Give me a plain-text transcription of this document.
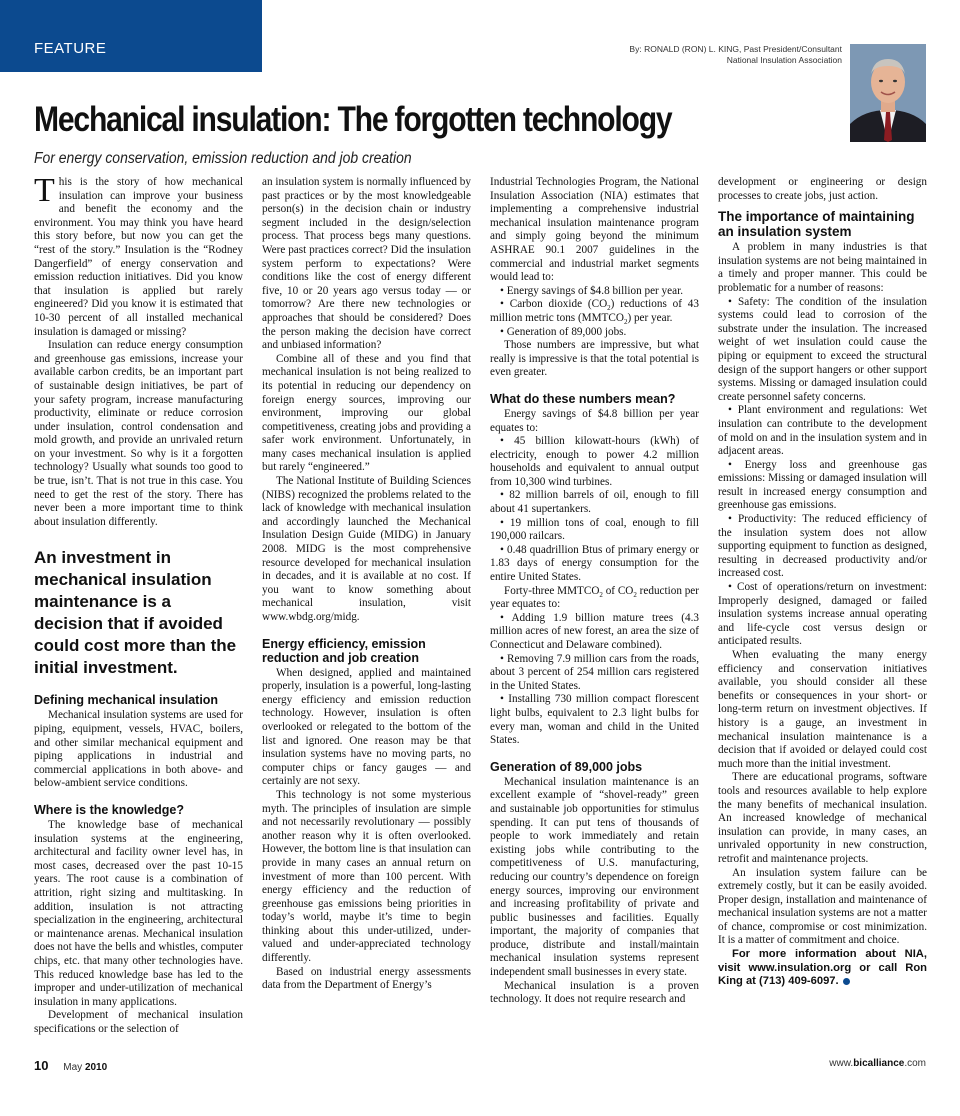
FEATURE	By: RONALD (RON) L. KING, Past President/Consultant
National Insulation Association
Mechanical insulation: The forgotten technology
For energy conservation, emission reduction and job creation

This is the story of how mechanical insulation can improve your business and benefit the economy and the environment. You may think you have heard this story before, but now you can get the “rest of the story.” Insulation is the “Rodney Dangerfield” of energy conservation and emission reduction initiatives. Did you know that insulation is applied but rarely engineered? Did you know it is estimated that 10-30 percent of all installed mechanical insulation is damaged or missing?

Insulation can reduce energy consumption and greenhouse gas emissions, increase your available carbon credits, be an important part of sustainable design initiatives, be part of your safety program, increase manufacturing productivity, eliminate or reduce corrosion under insulation, control condensation and mold growth, and provide an unrivaled return on your investment. So why is it a forgotten technology? Usually what sounds too good to be true, isn’t. That is not true in this case. You need to get the rest of the story. There has never been a more important time to think about insulation differently.

An investment in mechanical insulation maintenance is a decision that if avoided could cost more than the initial investment.
Defining mechanical insulation

Mechanical insulation systems are used for piping, equipment, vessels, HVAC, boilers, and other similar mechanical equipment and piping applications in industrial and commercial applications in both above- and below-ambient service conditions.

Where is the knowledge?

The knowledge base of mechanical insulation systems at the engineering, architectural and facility owner level has, in most cases, decreased over the past 10-15 years. The root cause is a combination of attrition, right sizing and multitasking. In addition, insulation is not attracting specialization in the engineering, architectural or maintenance arenas. Mechanical insulation does not have the bells and whistles, computer chips, etc. that many other technologies have. This reduced knowledge base has led to the improper and under-utilization of mechanical insulation in many applications.

Development of mechanical insulation specifications or the selection of

an insulation system is normally influenced by past practices or by the most knowledgeable person(s) in the decision chain or industry segment included in the design/selection process. That process begs many questions. Were past practices correct? Did the insulation system perform to expectations? Were conditions like the cost of energy different five, 10 or 20 years ago versus today — or tomorrow? Are there new technologies or approaches that should be considered? Does the person making the decision have correct and unbiased information?

Combine all of these and you find that mechanical insulation is not being realized to its potential in reducing our dependency on foreign energy sources, improving our environment, improving our global competitiveness, creating jobs and providing a safer work environment. Unfortunately, in many cases mechanical insulation is applied but rarely “engineered.”

The National Institute of Building Sciences (NIBS) recognized the problems related to the lack of knowledge with mechanical insulation and accordingly launched the Mechanical Insulation Design Guide (MIDG) in January 2008. MIDG is the most comprehensive resource developed for mechanical insulation in decades, and it is available at no cost. If you want to know something about mechanical insulation, visit www.wbdg.org/midg.

Energy efficiency, emission reduction and job creation

When designed, applied and maintained properly, insulation is a powerful, long-lasting energy efficiency and emission reduction technology. However, insulation is often overlooked or relegated to the bottom of the list and ignored. One reason may be that insulation systems have no moving parts, no computer chips or fancy gauges — and certainly are not sexy.

This technology is not some mysterious myth. The principles of insulation are simple and not necessarily revolutionary — possibly another reason why it is often overlooked. However, the bottom line is that insulation can provide in many cases an annual return on investment of more than 100 percent. With energy efficiency and the reduction of greenhouse gas emissions being priorities in today’s world, maybe it’s time to begin thinking about this under-utilized, under-valued and under-appreciated technology differently.

Based on industrial energy assessments data from the Department of Energy’s

Industrial Technologies Program, the National Insulation Association (NIA) estimates that implementing a comprehensive industrial mechanical insulation maintenance program and simply going beyond the minimum ASHRAE 90.1 2007 guidelines in the commercial and industrial market segments would lead to:

• Energy savings of $4.8 billion per year.

• Carbon dioxide $(CO_2)$ reductions of 43 million metric tons $(MMTCO_2)$ per year.

• Generation of 89,000 jobs.

Those numbers are impressive, but what really is impressive is that the total potential is even greater.

What do these numbers mean?

Energy savings of $4.8 billion per year equates to:

• 45 billion kilowatt-hours (kWh) of electricity, enough to power 4.2 million households and equivalent to annual output from 10,300 wind turbines.

• 82 million barrels of oil, enough to fill about 41 supertankers.

• 19 million tons of coal, enough to fill 190,000 railcars.

• 0.48 quadrillion Btus of primary energy or 1.83 days of energy consumption for the entire United States.

Forty-three $MMTCO_2$ of $CO_2$ reduction per year equates to:

• Adding 1.9 billion mature trees (4.3 million acres of new forest, an area the size of Connecticut and Delaware combined).

• Removing 7.9 million cars from the roads, about 3 percent of 254 million cars registered in the United States.

• Installing 730 million compact florescent light bulbs, equivalent to 2.3 light bulbs for every man, woman and child in the United States.

Generation of 89,000 jobs

Mechanical insulation maintenance is an excellent example of “shovel-ready” green and sustainable job opportunities for stimulus spending. It can put tens of thousands of people to work immediately and retain existing jobs while contributing to the competitiveness of U.S. manufacturing, reducing our country’s dependence on foreign energy sources, improving our environment and increasing profitability of private and public businesses and facilities. Equally important, the majority of companies that produce, distribute and install/maintain mechanical insulation systems represent independent small businesses in every state.

Mechanical insulation is a proven technology. It does not require research and

development or engineering or design processes to create jobs, just action.

The importance of maintaining an insulation system

A problem in many industries is that insulation systems are not being maintained in a timely and proper manner. This could be problematic for a number of reasons:

• Safety: The condition of the insulation systems could lead to corrosion of the substrate under the insulation. The increased weight of wet insulation could cause the piping or equipment to exceed the structural design of the support hangers or other support systems. Missing or damaged insulation could create personnel safety concerns.

• Plant environment and regulations: Wet insulation can contribute to the development of mold on and in the insulation system and in adjacent areas.

• Energy loss and greenhouse gas emissions: Missing or damaged insulation will result in increased energy consumption and greenhouse gas emissions.

• Productivity: The reduced efficiency of the insulation system does not allow supporting equipment to function as designed, resulting in decreased productivity and/or increased cost.

• Cost of operations/return on investment: Improperly designed, damaged or failed insulation systems increase annual operating and life-cycle cost versus design or anticipated results.

When evaluating the many energy efficiency and conservation initiatives available, you should consider all these benefits or consequences in your short- or long-term return on investment objectives. If history is a gauge, an investment in mechanical insulation maintenance is a decision that if avoided or delayed could cost much more than the initial investment.

There are educational programs, software tools and resources available to help explore the many benefits of mechanical insulation. An increased knowledge of mechanical insulation can provide, in many cases, an unrivaled opportunity in new construction, retrofit and maintenance projects.

An insulation system failure can be extremely costly, but it can be easily avoided. Proper design, installation and maintenance of mechanical insulation systems are not a matter of chance, compromise or cost minimization. It is a matter of commitment and choice.

For more information about NIA, visit www.insulation.org or call Ron King at (713) 409-6097.

10 May 2010	www.bicalliance.com
